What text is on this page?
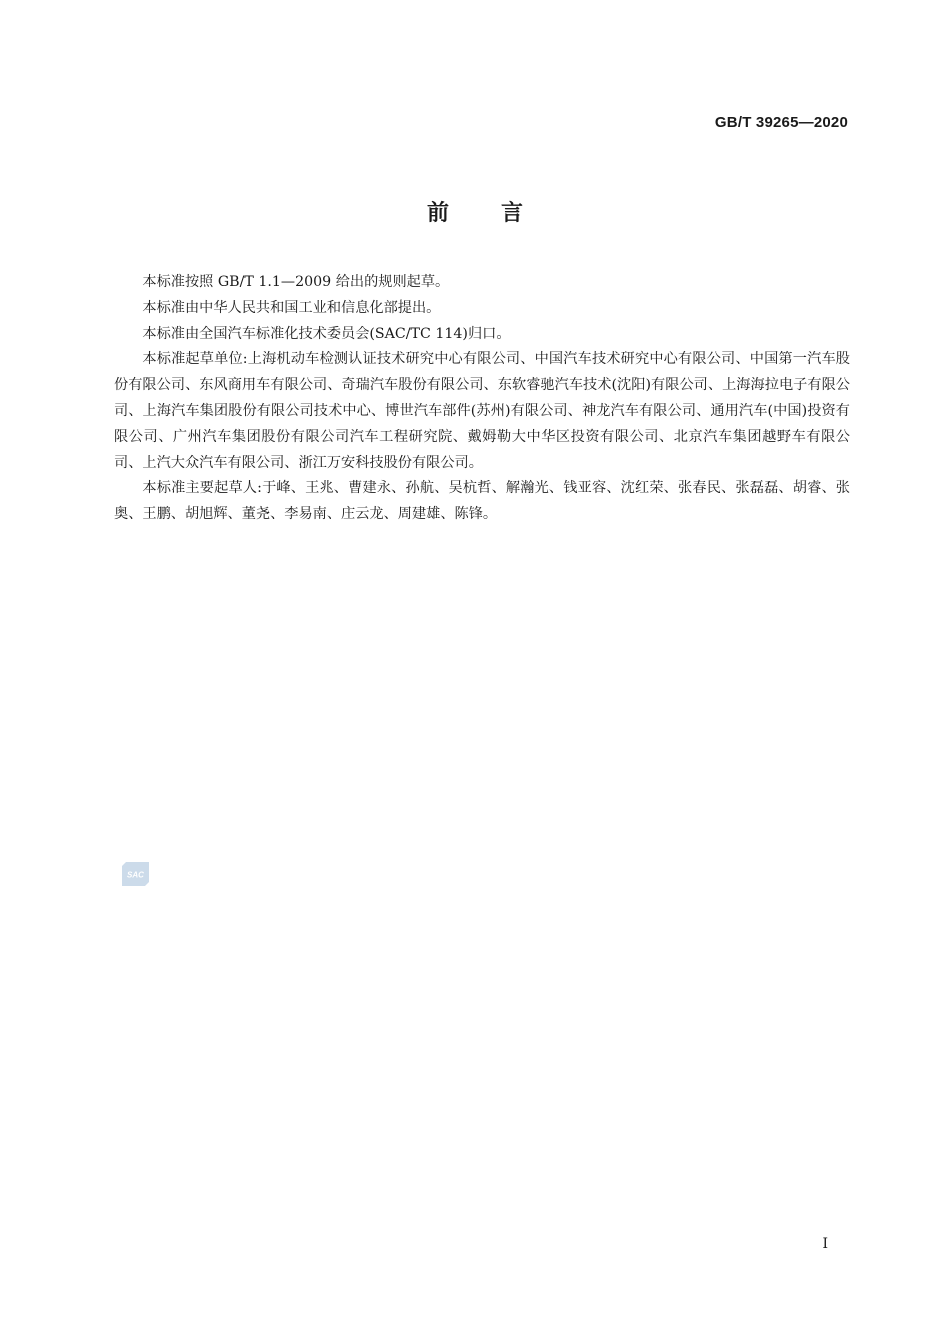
GB/T 39265—2020
前言

本标准按照 GB/T 1.1—2009 给出的规则起草。

本标准由中华人民共和国工业和信息化部提出。

本标准由全国汽车标准化技术委员会(SAC/TC 114)归口。

本标准起草单位:上海机动车检测认证技术研究中心有限公司、中国汽车技术研究中心有限公司、中国第一汽车股份有限公司、东风商用车有限公司、奇瑞汽车股份有限公司、东软睿驰汽车技术(沈阳)有限公司、上海海拉电子有限公司、上海汽车集团股份有限公司技术中心、博世汽车部件(苏州)有限公司、神龙汽车有限公司、通用汽车(中国)投资有限公司、广州汽车集团股份有限公司汽车工程研究院、戴姆勒大中华区投资有限公司、北京汽车集团越野车有限公司、上汽大众汽车有限公司、浙江万安科技股份有限公司。

本标准主要起草人:于峰、王兆、曹建永、孙航、吴杭哲、解瀚光、钱亚容、沈红荣、张春民、张磊磊、胡睿、张奥、王鹏、胡旭辉、董尧、李易南、庄云龙、周建雄、陈锋。

SAC
I
